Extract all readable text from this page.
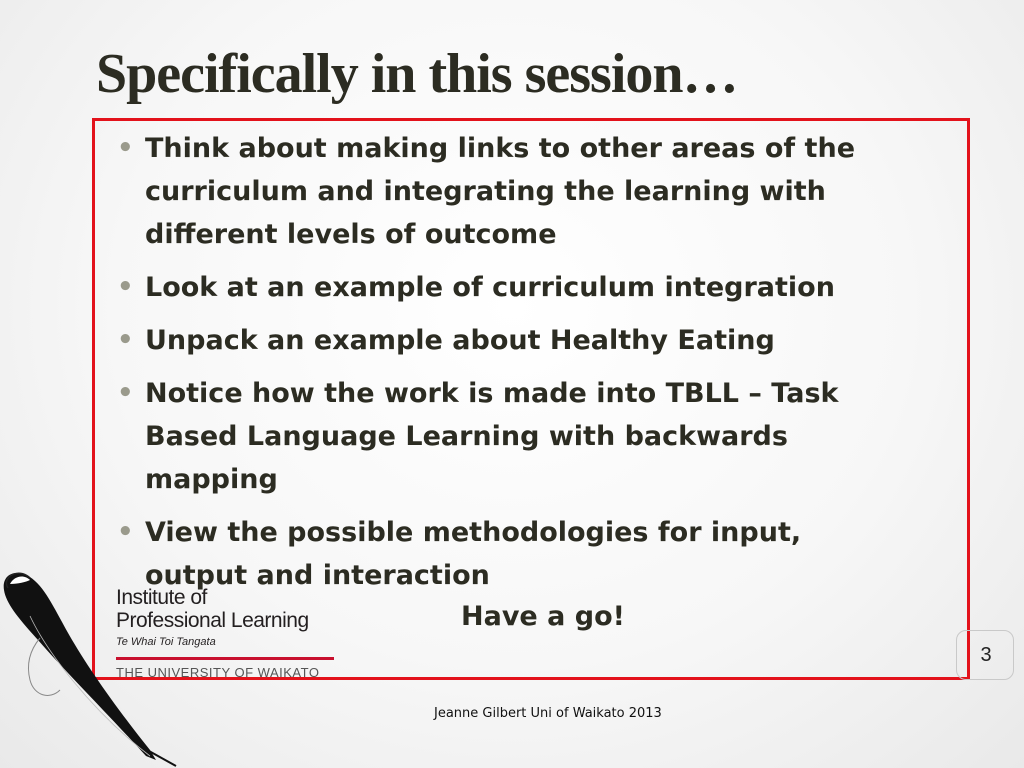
Specifically in this session…
• Think about making links to other areas of the curriculum and integrating the learning with different levels of outcome
• Look at an example of curriculum integration
• Unpack an example about Healthy Eating
• Notice how the work is made into TBLL – Task Based Language Learning with backwards mapping
• View the possible methodologies for input, output and interaction
Have a go!
Institute of
Professional Learning
Te Whai Toi Tangata
THE UNIVERSITY OF WAIKATO
3
Jeanne Gilbert Uni of Waikato 2013
